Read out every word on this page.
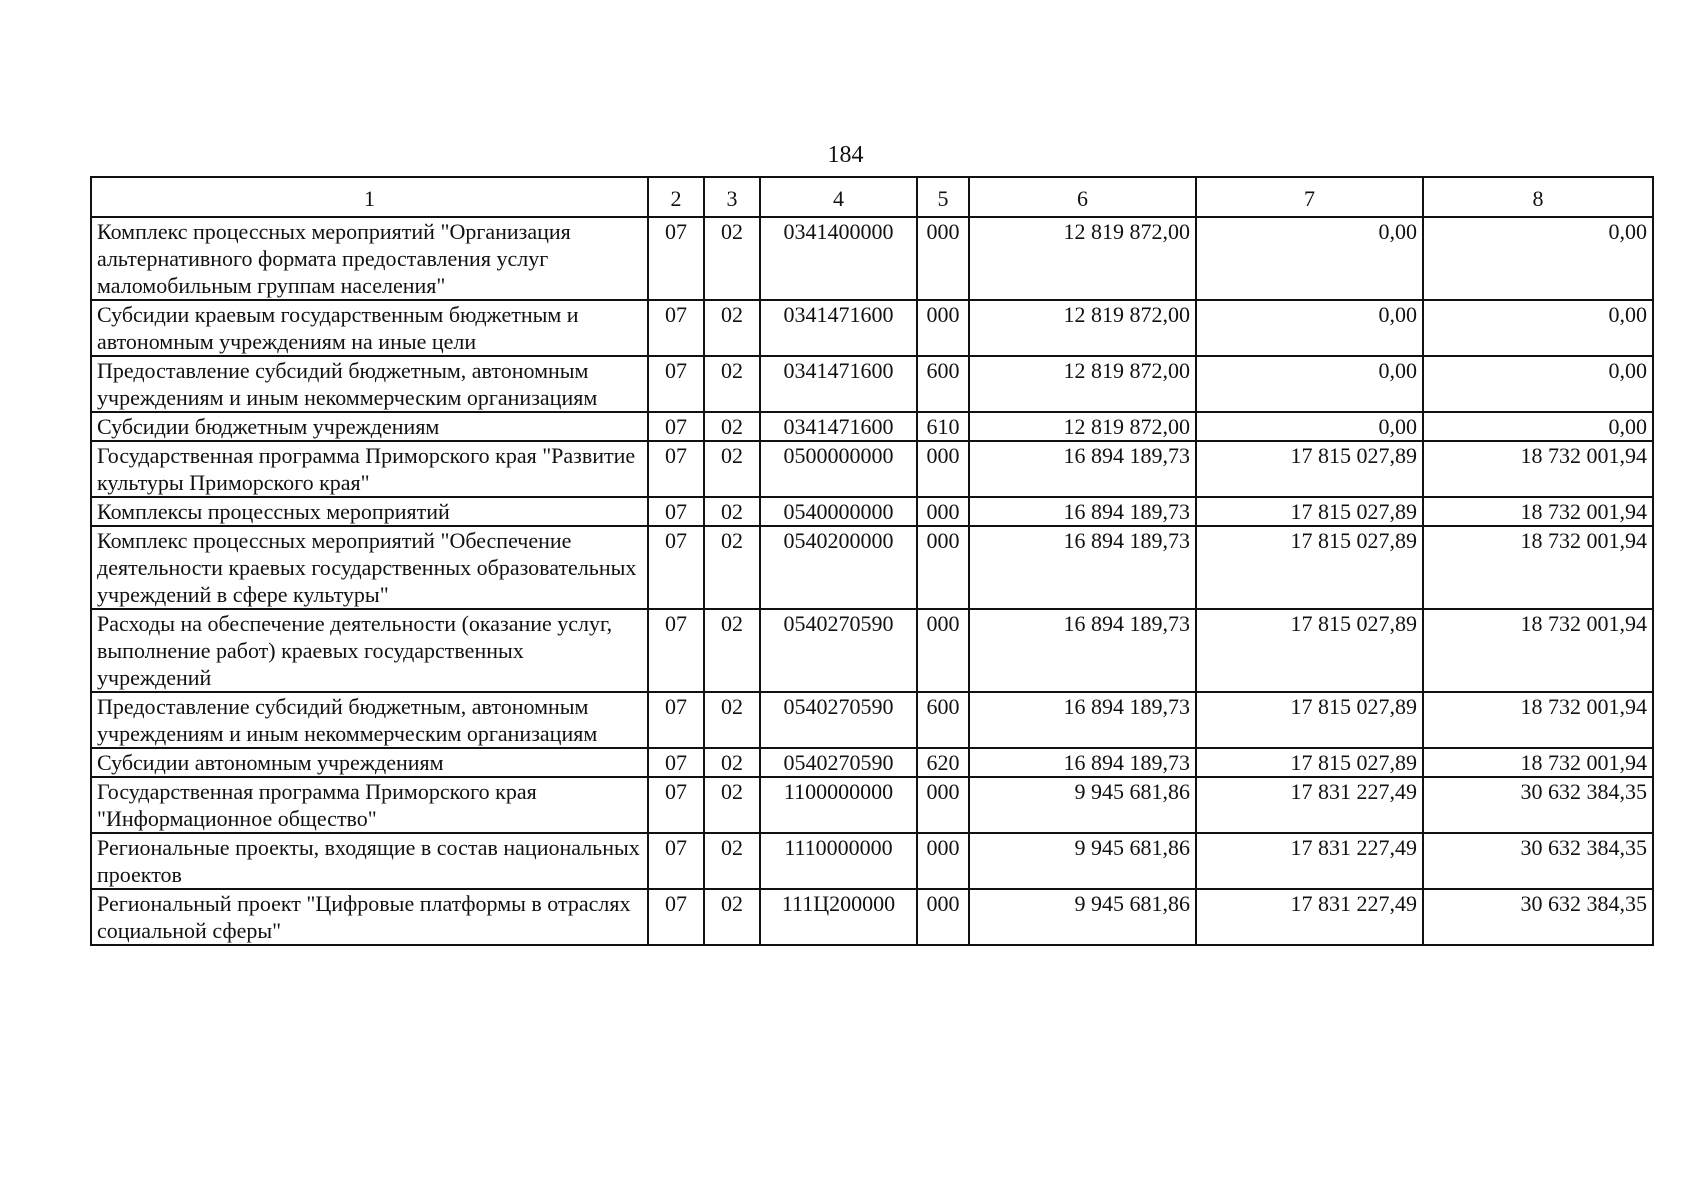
184
1	2	3	4	5	6	7	8
Комплекс процессных мероприятий "Организация альтернативного формата предоставления услуг маломобильным группам населения"	07	02	0341400000	000	12 819 872,00	0,00	0,00
Субсидии краевым государственным бюджетным и автономным учреждениям на иные цели	07	02	0341471600	000	12 819 872,00	0,00	0,00
Предоставление субсидий бюджетным, автономным учреждениям и иным некоммерческим организациям	07	02	0341471600	600	12 819 872,00	0,00	0,00
Субсидии бюджетным учреждениям	07	02	0341471600	610	12 819 872,00	0,00	0,00
Государственная программа Приморского края "Развитие культуры Приморского края"	07	02	0500000000	000	16 894 189,73	17 815 027,89	18 732 001,94
Комплексы процессных мероприятий	07	02	0540000000	000	16 894 189,73	17 815 027,89	18 732 001,94
Комплекс процессных мероприятий "Обеспечение деятельности краевых государственных образовательных учреждений в сфере культуры"	07	02	0540200000	000	16 894 189,73	17 815 027,89	18 732 001,94
Расходы на обеспечение деятельности (оказание услуг, выполнение работ) краевых государственных учреждений	07	02	0540270590	000	16 894 189,73	17 815 027,89	18 732 001,94
Предоставление субсидий бюджетным, автономным учреждениям и иным некоммерческим организациям	07	02	0540270590	600	16 894 189,73	17 815 027,89	18 732 001,94
Субсидии автономным учреждениям	07	02	0540270590	620	16 894 189,73	17 815 027,89	18 732 001,94
Государственная программа Приморского края "Информационное общество"	07	02	1100000000	000	9 945 681,86	17 831 227,49	30 632 384,35
Региональные проекты, входящие в состав национальных проектов	07	02	1110000000	000	9 945 681,86	17 831 227,49	30 632 384,35
Региональный проект "Цифровые платформы в отраслях социальной сферы"	07	02	111Ц200000	000	9 945 681,86	17 831 227,49	30 632 384,35
